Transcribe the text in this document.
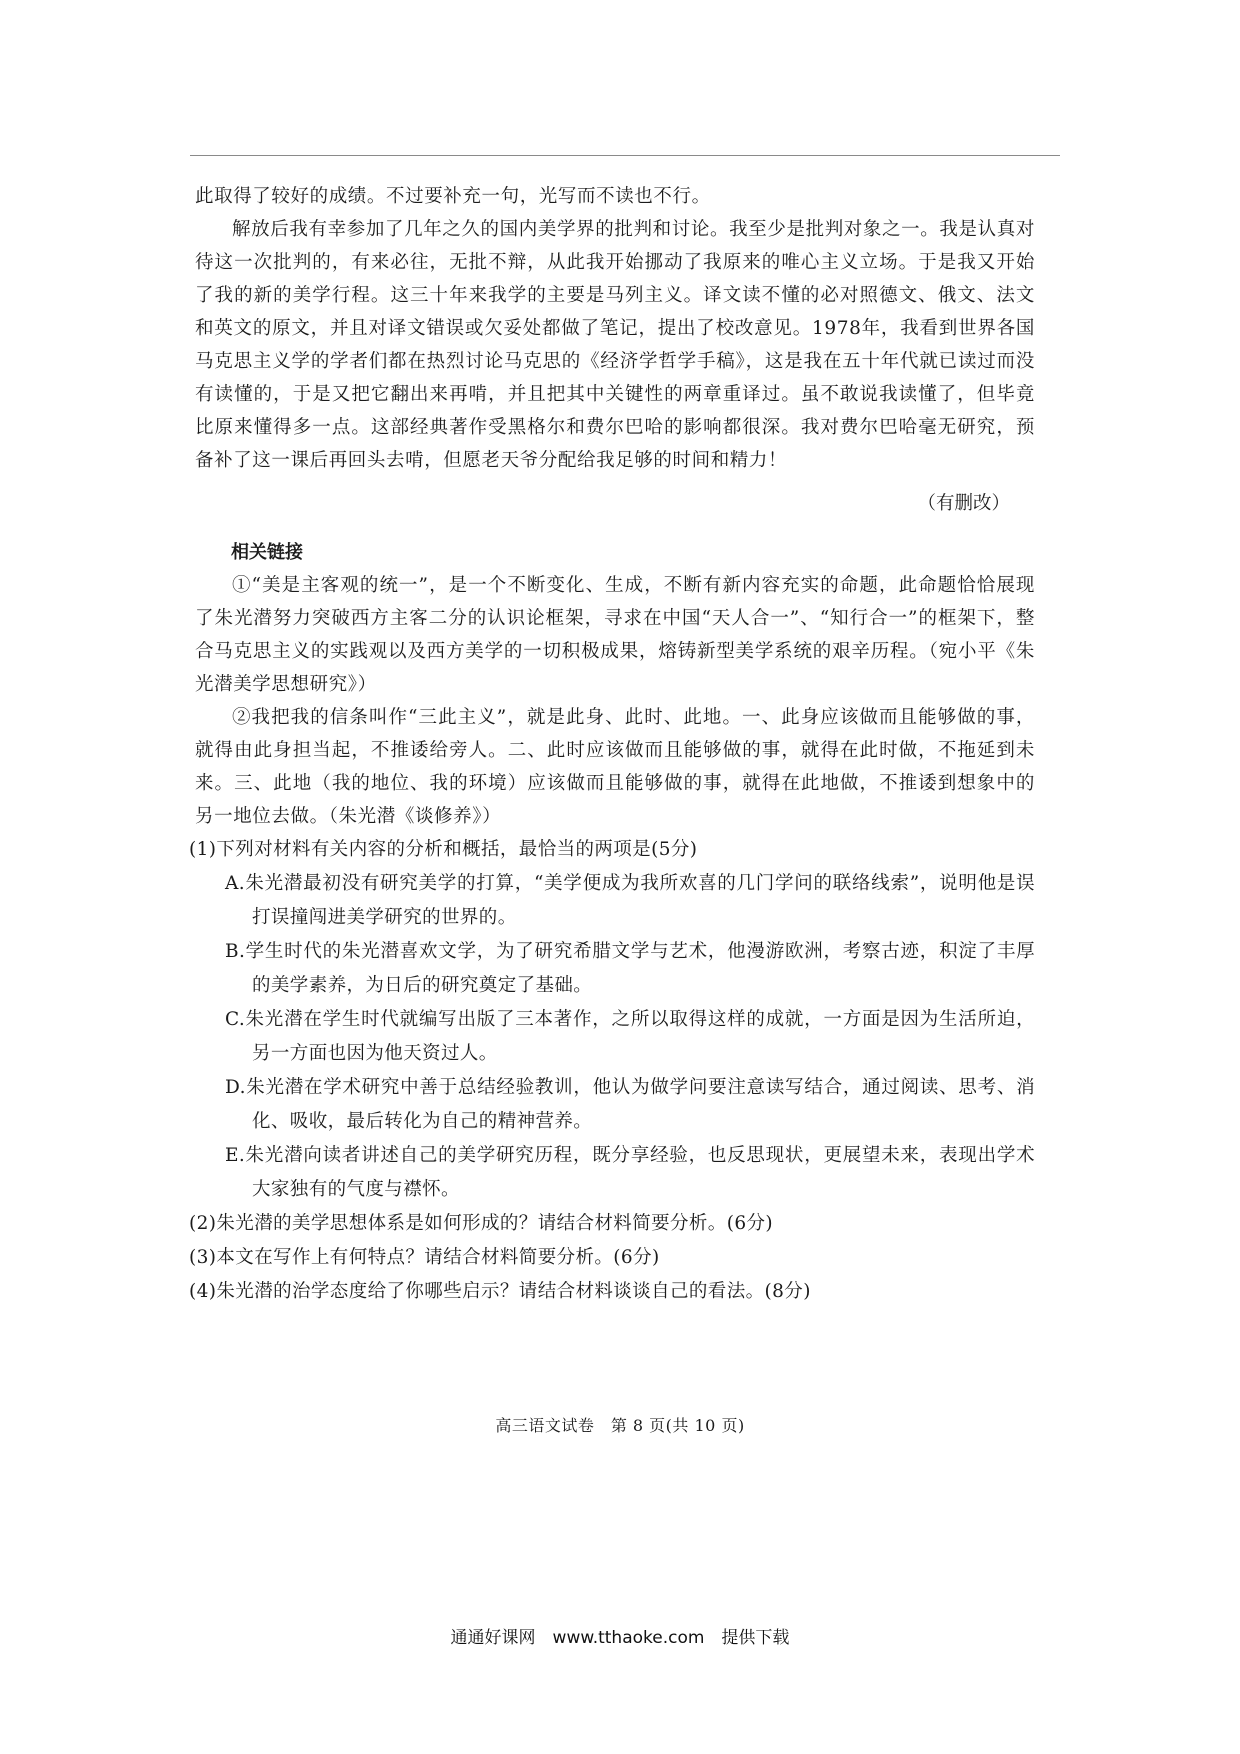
此取得了较好的成绩。不过要补充一句，光写而不读也不行。

解放后我有幸参加了几年之久的国内美学界的批判和讨论。我至少是批判对象之一。我是认真对待这一次批判的，有来必往，无批不辩，从此我开始挪动了我原来的唯心主义立场。于是我又开始了我的新的美学行程。这三十年来我学的主要是马列主义。译文读不懂的必对照德文、俄文、法文和英文的原文，并且对译文错误或欠妥处都做了笔记，提出了校改意见。1978年，我看到世界各国马克思主义学的学者们都在热烈讨论马克思的《经济学哲学手稿》，这是我在五十年代就已读过而没有读懂的，于是又把它翻出来再啃，并且把其中关键性的两章重译过。虽不敢说我读懂了，但毕竟比原来懂得多一点。这部经典著作受黑格尔和费尔巴哈的影响都很深。我对费尔巴哈毫无研究，预备补了这一课后再回头去啃，但愿老天爷分配给我足够的时间和精力！

（有删改）
相关链接

①“美是主客观的统一”，是一个不断变化、生成，不断有新内容充实的命题，此命题恰恰展现了朱光潜努力突破西方主客二分的认识论框架，寻求在中国“天人合一”、“知行合一”的框架下，整合马克思主义的实践观以及西方美学的一切积极成果，熔铸新型美学系统的艰辛历程。（宛小平《朱光潜美学思想研究》）

②我把我的信条叫作“三此主义”，就是此身、此时、此地。一、此身应该做而且能够做的事，就得由此身担当起，不推诿给旁人。二、此时应该做而且能够做的事，就得在此时做，不拖延到未来。三、此地（我的地位、我的环境）应该做而且能够做的事，就得在此地做，不推诿到想象中的另一地位去做。（朱光潜《谈修养》）

(1)下列对材料有关内容的分析和概括，最恰当的两项是(5分)

A.朱光潜最初没有研究美学的打算，“美学便成为我所欢喜的几门学问的联络线索”，说明他是误打误撞闯进美学研究的世界的。

B.学生时代的朱光潜喜欢文学，为了研究希腊文学与艺术，他漫游欧洲，考察古迹，积淀了丰厚的美学素养，为日后的研究奠定了基础。

C.朱光潜在学生时代就编写出版了三本著作，之所以取得这样的成就，一方面是因为生活所迫，另一方面也因为他天资过人。

D.朱光潜在学术研究中善于总结经验教训，他认为做学问要注意读写结合，通过阅读、思考、消化、吸收，最后转化为自己的精神营养。

E.朱光潜向读者讲述自己的美学研究历程，既分享经验，也反思现状，更展望未来，表现出学术大家独有的气度与襟怀。

(2)朱光潜的美学思想体系是如何形成的？请结合材料简要分析。(6分)

(3)本文在写作上有何特点？请结合材料简要分析。(6分)

(4)朱光潜的治学态度给了你哪些启示？请结合材料谈谈自己的看法。(8分)

高三语文试卷　第 8 页(共 10 页)
通通好课网　www.tthaoke.com　提供下载
